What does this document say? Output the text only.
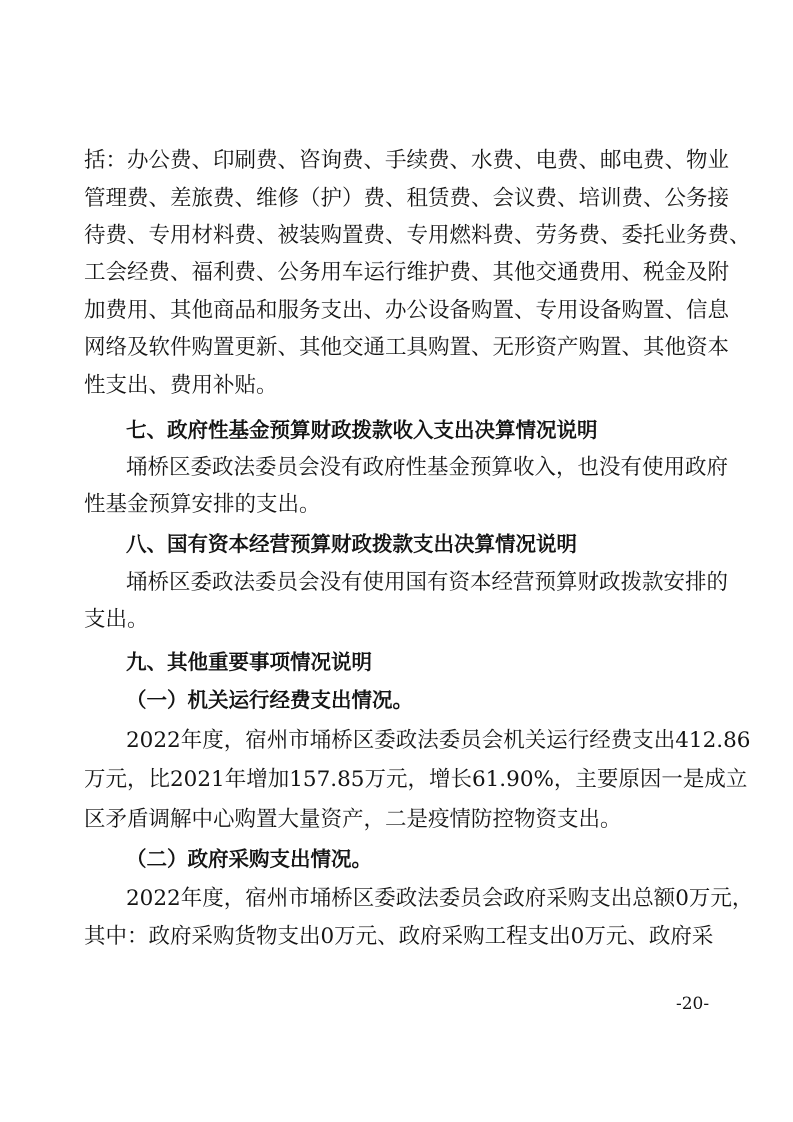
括：办公费、印刷费、咨询费、手续费、水费、电费、邮电费、物业
管理费、差旅费、维修（护）费、租赁费、会议费、培训费、公务接
待费、专用材料费、被装购置费、专用燃料费、劳务费、委托业务费、
工会经费、福利费、公务用车运行维护费、其他交通费用、税金及附
加费用、其他商品和服务支出、办公设备购置、专用设备购置、信息
网络及软件购置更新、其他交通工具购置、无形资产购置、其他资本
性支出、费用补贴。
七、政府性基金预算财政拨款收入支出决算情况说明
埇桥区委政法委员会没有政府性基金预算收入，也没有使用政府
性基金预算安排的支出。
八、国有资本经营预算财政拨款支出决算情况说明
埇桥区委政法委员会没有使用国有资本经营预算财政拨款安排的
支出。
九、其他重要事项情况说明
（一）机关运行经费支出情况。
2022年度，宿州市埇桥区委政法委员会机关运行经费支出412.86
万元，比2021年增加157.85万元，增长61.90%，主要原因一是成立
区矛盾调解中心购置大量资产，二是疫情防控物资支出。
（二）政府采购支出情况。
2022年度，宿州市埇桥区委政法委员会政府采购支出总额0万元，
其中：政府采购货物支出0万元、政府采购工程支出0万元、政府采
-20-
